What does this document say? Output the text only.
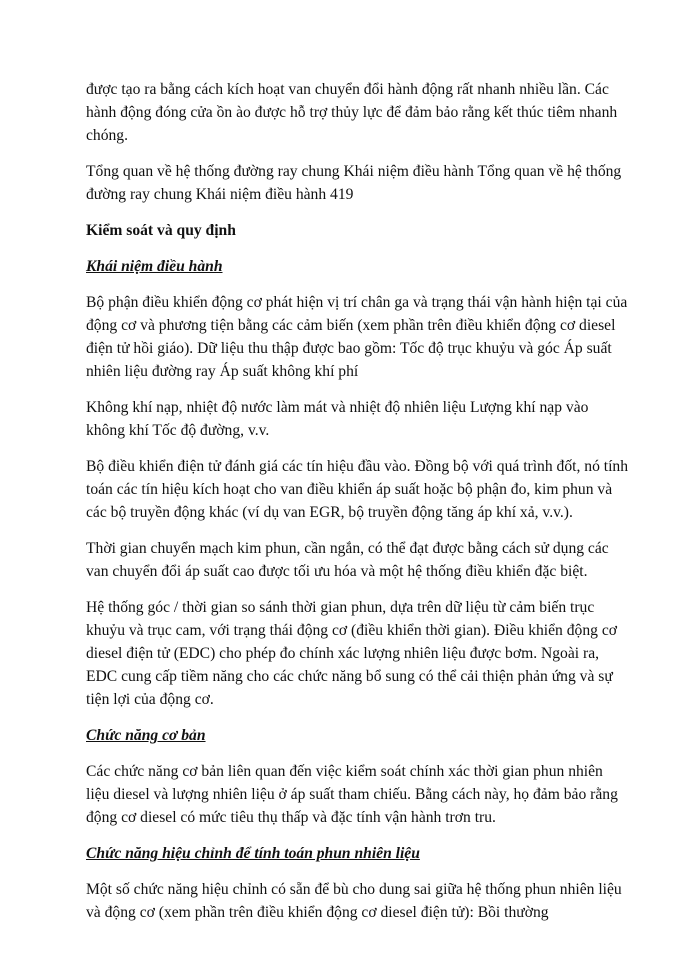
được tạo ra bằng cách kích hoạt van chuyển đổi hành động rất nhanh nhiều lần. Các hành động đóng cửa ồn ào được hỗ trợ thủy lực để đảm bảo rằng kết thúc tiêm nhanh chóng.

Tổng quan về hệ thống đường ray chung Khái niệm điều hành Tổng quan về hệ thống đường ray chung Khái niệm điều hành 419

Kiểm soát và quy định

Khái niệm điều hành

Bộ phận điều khiển động cơ phát hiện vị trí chân ga và trạng thái vận hành hiện tại của động cơ và phương tiện bằng các cảm biến (xem phần trên điều khiển động cơ diesel điện tử hồi giáo). Dữ liệu thu thập được bao gồm: Tốc độ trục khuỷu và góc Áp suất nhiên liệu đường ray Áp suất không khí phí

Không khí nạp, nhiệt độ nước làm mát và nhiệt độ nhiên liệu Lượng khí nạp vào không khí Tốc độ đường, v.v.

Bộ điều khiển điện tử đánh giá các tín hiệu đầu vào. Đồng bộ với quá trình đốt, nó tính toán các tín hiệu kích hoạt cho van điều khiển áp suất hoặc bộ phận đo, kim phun và các bộ truyền động khác (ví dụ van EGR, bộ truyền động tăng áp khí xả, v.v.).

Thời gian chuyển mạch kim phun, cần ngắn, có thể đạt được bằng cách sử dụng các van chuyển đổi áp suất cao được tối ưu hóa và một hệ thống điều khiển đặc biệt.

Hệ thống góc / thời gian so sánh thời gian phun, dựa trên dữ liệu từ cảm biến trục khuỷu và trục cam, với trạng thái động cơ (điều khiển thời gian). Điều khiển động cơ diesel điện tử (EDC) cho phép đo chính xác lượng nhiên liệu được bơm. Ngoài ra, EDC cung cấp tiềm năng cho các chức năng bổ sung có thể cải thiện phản ứng và sự tiện lợi của động cơ.

Chức năng cơ bản

Các chức năng cơ bản liên quan đến việc kiểm soát chính xác thời gian phun nhiên liệu diesel và lượng nhiên liệu ở áp suất tham chiếu. Bằng cách này, họ đảm bảo rằng động cơ diesel có mức tiêu thụ thấp và đặc tính vận hành trơn tru.

Chức năng hiệu chỉnh để tính toán phun nhiên liệu

Một số chức năng hiệu chỉnh có sẵn để bù cho dung sai giữa hệ thống phun nhiên liệu và động cơ (xem phần trên điều khiển động cơ diesel điện tử): Bồi thường
